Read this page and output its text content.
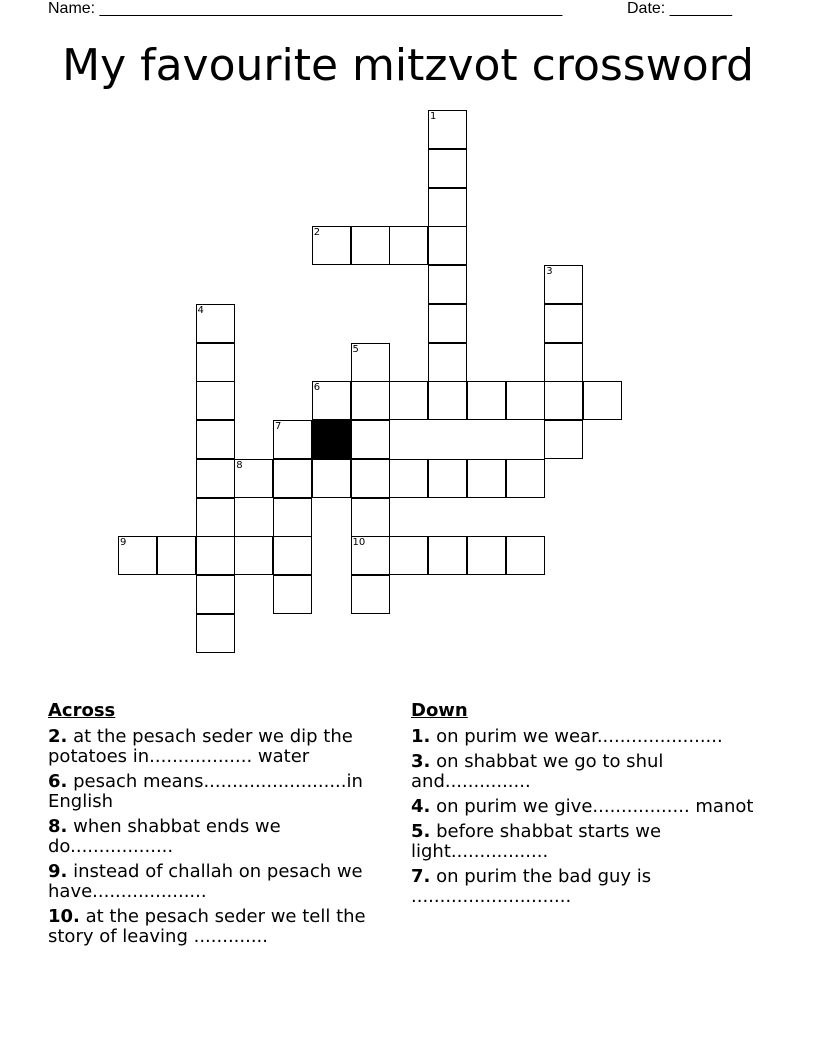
Name: ____________________________________________________	Date: _______
My favourite mitzvot crossword
1
2
3
4
5
6
7
8
9	10
Across
2. at the pesach seder we dip the potatoes in.................. water
6. pesach means.........................in English
8. when shabbat ends we do..................
9. instead of challah on pesach we have....................
10. at the pesach seder we tell the story of leaving .............
Down
1. on purim we wear......................
3. on shabbat we go to shul and...............
4. on purim we give................. manot
5. before shabbat starts we light.................
7. on purim the bad guy is ............................
